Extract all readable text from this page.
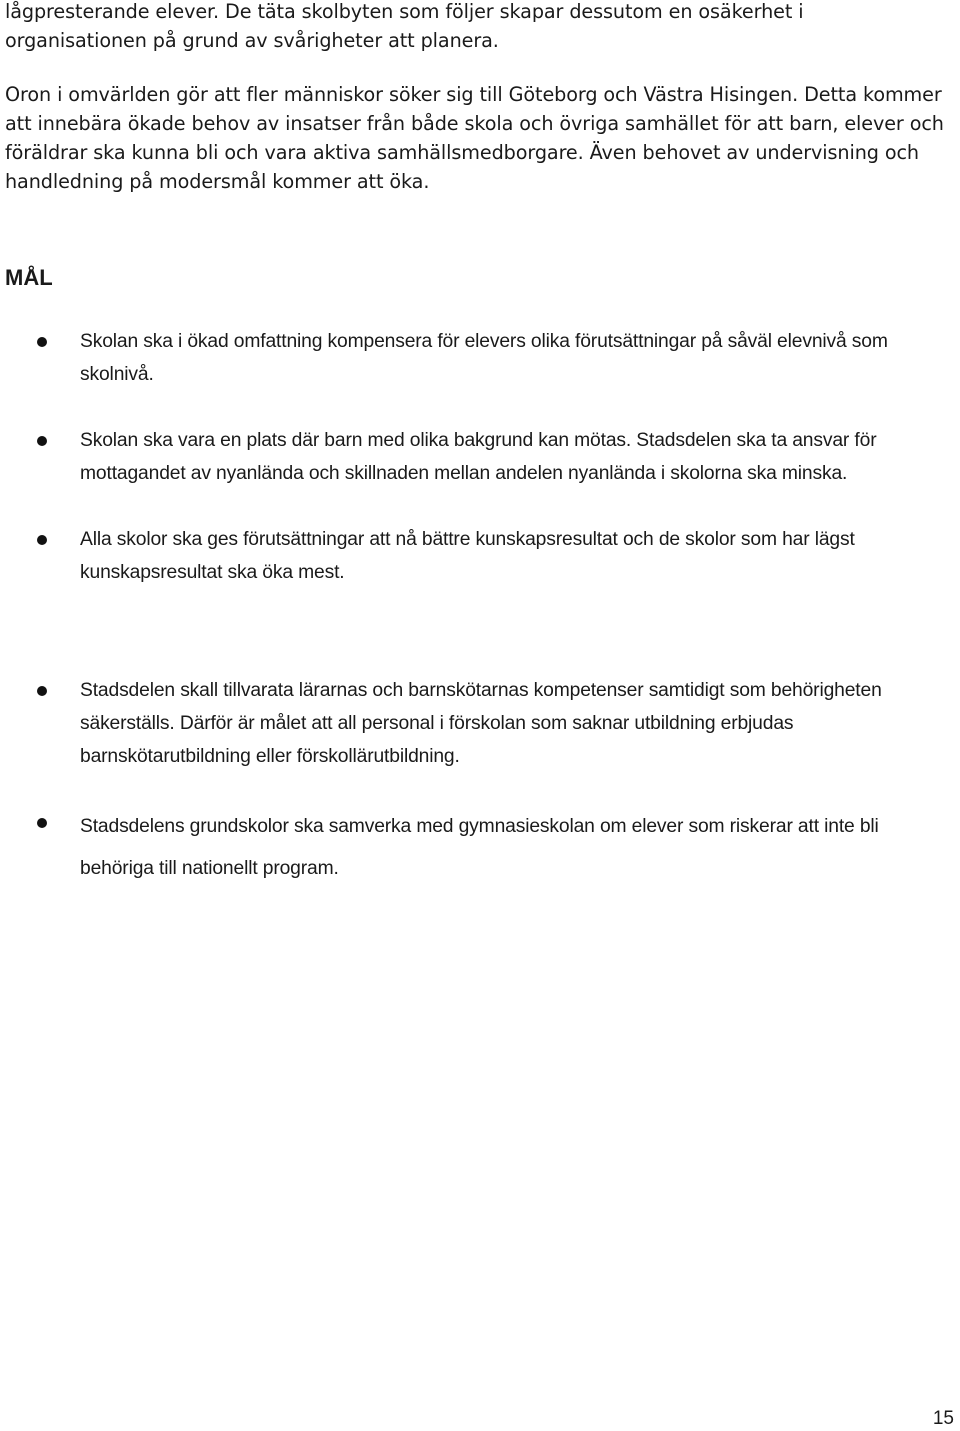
lågpresterande elever. De täta skolbyten som följer skapar dessutom en osäkerhet i organisationen på grund av svårigheter att planera.

Oron i omvärlden gör att fler människor söker sig till Göteborg och Västra Hisingen. Detta kommer att innebära ökade behov av insatser från både skola och övriga samhället för att barn, elever och föräldrar ska kunna bli och vara aktiva samhällsmedborgare. Även behovet av undervisning och handledning på modersmål kommer att öka.

MÅL

Skolan ska i ökad omfattning kompensera för elevers olika förutsättningar på såväl elevnivå som skolnivå.

Skolan ska vara en plats där barn med olika bakgrund kan mötas. Stadsdelen ska ta ansvar för mottagandet av nyanlända och skillnaden mellan andelen nyanlända i skolorna ska minska.

Alla skolor ska ges förutsättningar att nå bättre kunskapsresultat och de skolor som har lägst kunskapsresultat ska öka mest.

Stadsdelen skall tillvarata lärarnas och barnskötarnas kompetenser samtidigt som behörigheten säkerställs. Därför är målet att all personal i förskolan som saknar utbildning erbjudas barnskötarutbildning eller förskollärutbildning.

Stadsdelens grundskolor ska samverka med gymnasieskolan om elever som riskerar att inte bli behöriga till nationellt program.

15
